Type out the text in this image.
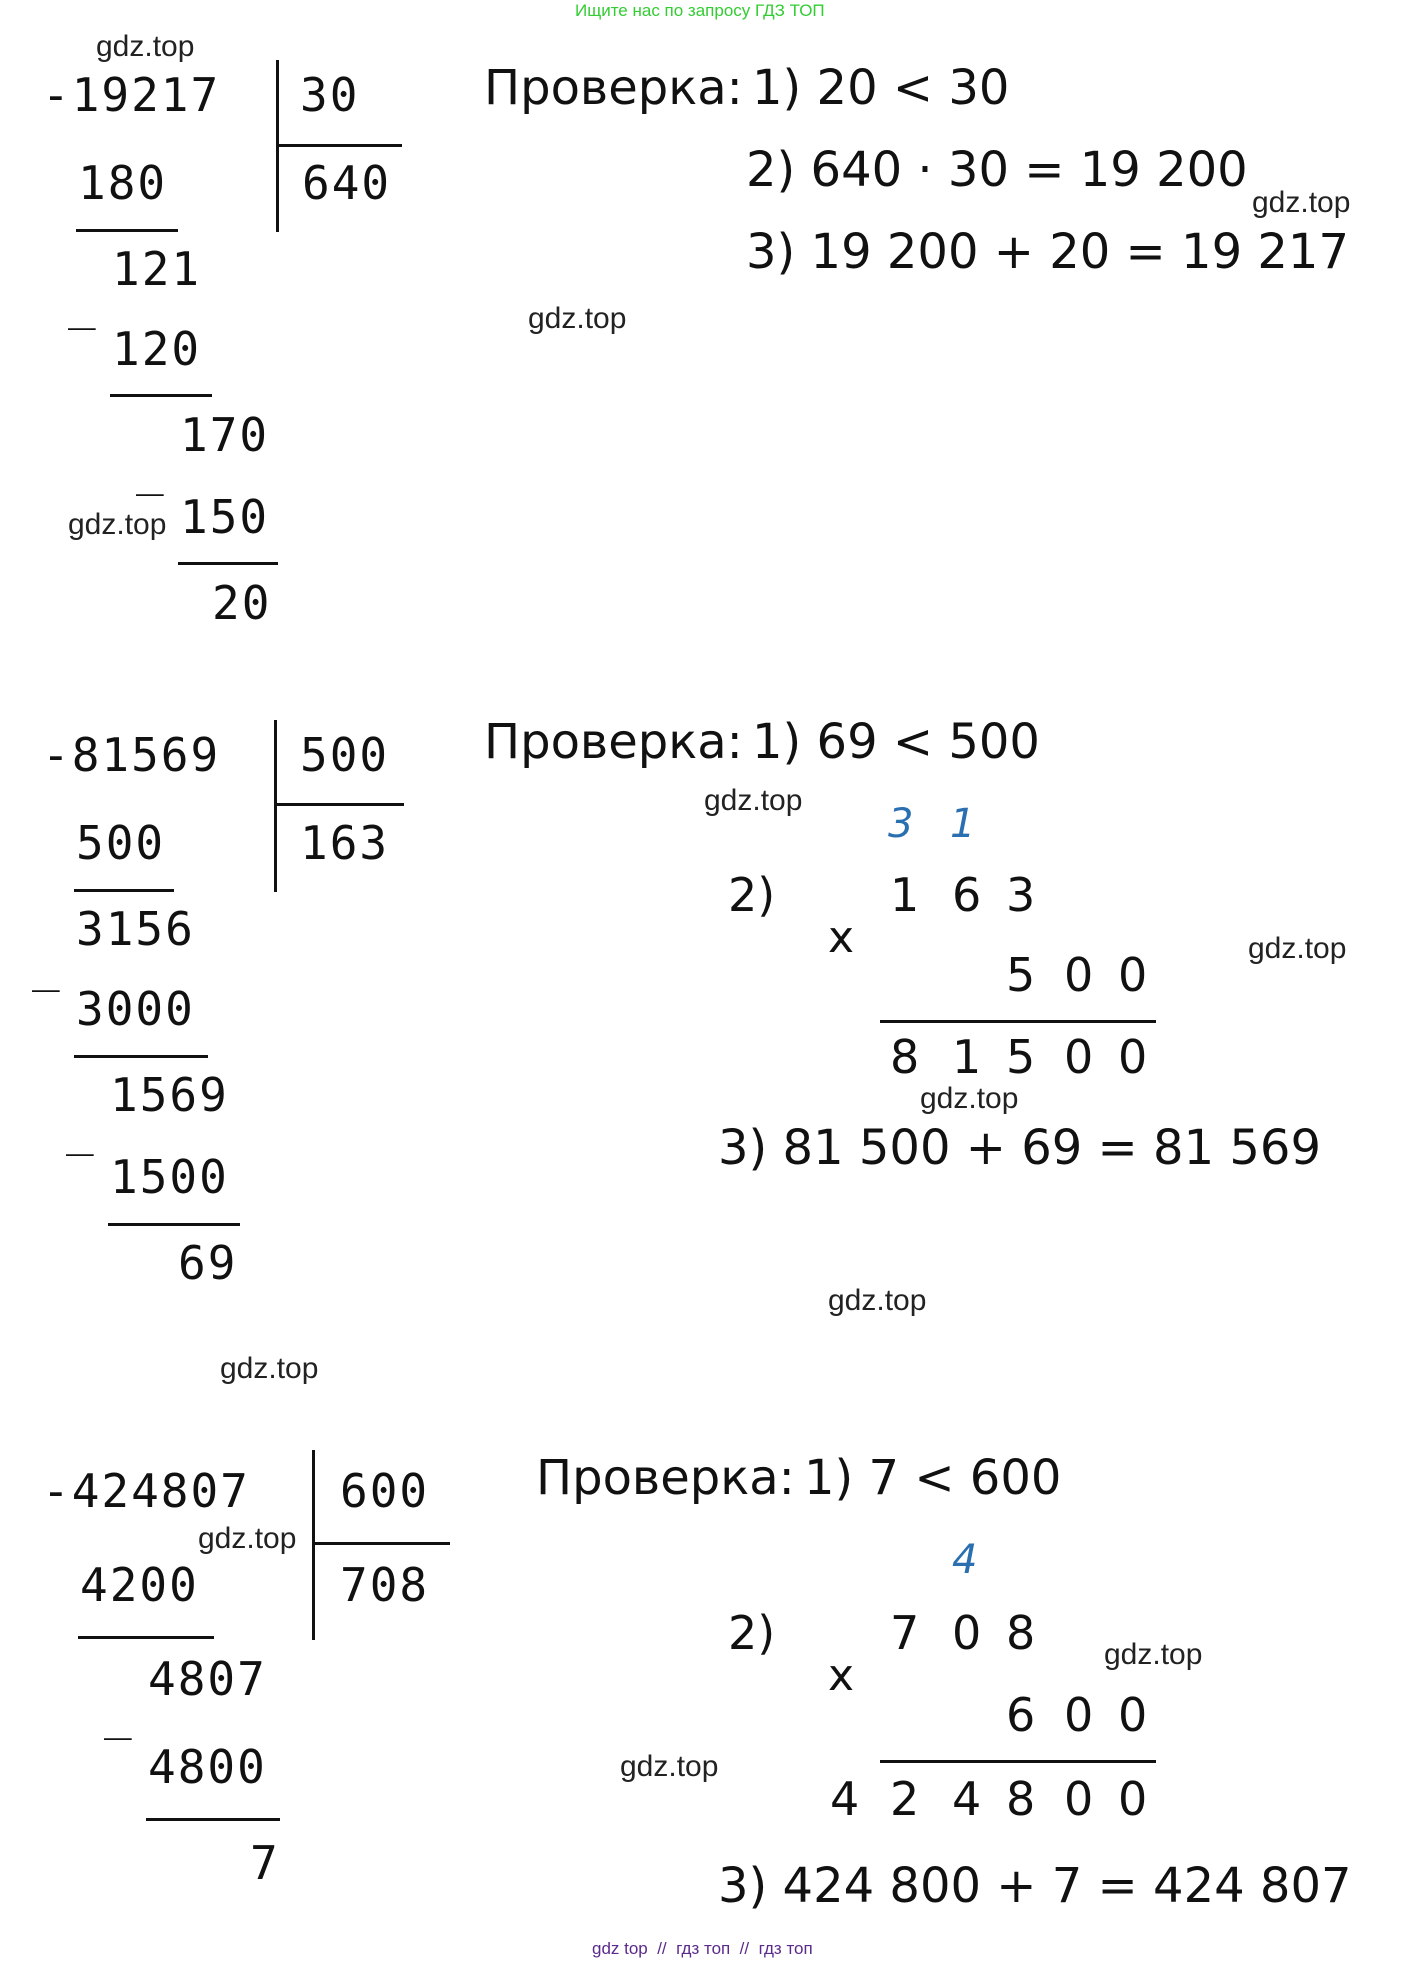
Ищите нас по запросу ГДЗ ТОП
-19217 30
640
180
_
121
120
_
170
150
20
Проверка: 1) 20 < 30
2) 640 · 30 = 19 200
3) 19 200 + 20 = 19 217
-81569 500
163
500
_
3156
3000
_
1569
1500
69
Проверка: 1) 69 < 500
2)
3 1
1 6 3
x
5 0 0
8 1 5 0 0
3) 81 500 + 69 = 81 569
-424807 600
708
4200
_
4807
4800
7
Проверка: 1) 7 < 600
2)
4
7 0 8
x
6 0 0
4 2 4 8 0 0
3) 424 800 + 7 = 424 807
gdz.top
gdz.top
gdz.top
gdz.top
gdz.top
gdz.top
gdz.top
gdz.top
gdz.top
gdz.top
gdz.top
gdz.top
gdz top  //  гдз топ  //  гдз топ
